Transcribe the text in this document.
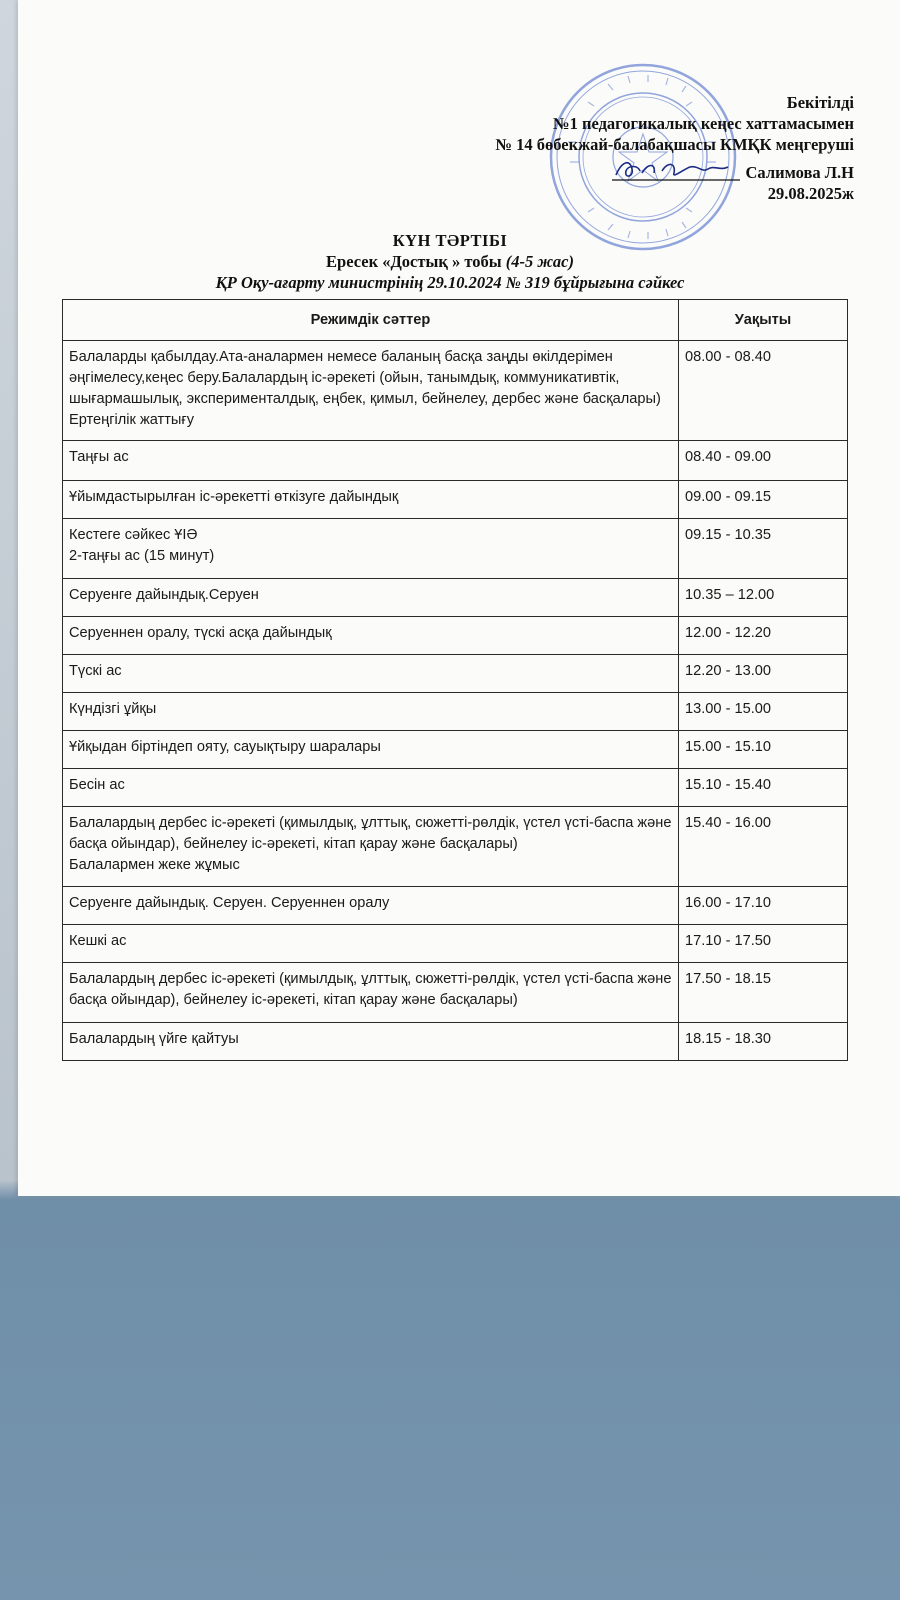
Бекітілді
№1 педагогикалық кеңес хаттамасымен
№ 14 бөбекжай-балабақшасы КМҚК меңгеруші
Салимова Л.Н
29.08.2025ж
КҮН ТӘРТІБІ
Ересек «Достық » тобы (4-5 жас)
ҚР Оқу-ағарту министрінің 29.10.2024 № 319 бұйрығына сәйкес
Режимдік сәттер	Уақыты

Балаларды қабылдау.Ата-аналармен немесе баланың басқа заңды өкілдерімен әңгімелесу,кеңес беру.Балалардың іс-әрекеті (ойын, танымдық, коммуникативтік, шығармашылық, эксперименталдық, еңбек, қимыл, бейнелеу, дербес және басқалары) Ертеңгілік жаттығу	08.00 - 08.40

Таңғы ас	08.40 - 09.00

Ұйымдастырылған іс-әрекетті өткізуге дайындық	09.00 - 09.15

Кестеге сәйкес ҰІӘ
2-таңғы ас (15 минут)	09.15 - 10.35

Серуенге дайындық.Серуен	10.35 – 12.00

Серуеннен оралу, түскі асқа дайындық	12.00 - 12.20

Түскі ас	12.20 - 13.00

Күндізгі ұйқы	13.00 - 15.00

Ұйқыдан біртіндеп ояту, сауықтыру шаралары	15.00 - 15.10

Бесін ас	15.10 - 15.40

Балалардың дербес іс-әрекеті (қимылдық, ұлттық, сюжетті-рөлдік, үстел үсті-баспа және басқа ойындар), бейнелеу іс-әрекеті, кітап қарау және басқалары)
Балалармен жеке жұмыс	15.40 - 16.00

Серуенге дайындық. Серуен. Серуеннен оралу	16.00 - 17.10

Кешкі ас	17.10 - 17.50

Балалардың дербес іс-әрекеті (қимылдық, ұлттық, сюжетті-рөлдік, үстел үсті-баспа және басқа ойындар), бейнелеу іс-әрекеті, кітап қарау және басқалары)	17.50 - 18.15

Балалардың үйге қайтуы	18.15 - 18.30
